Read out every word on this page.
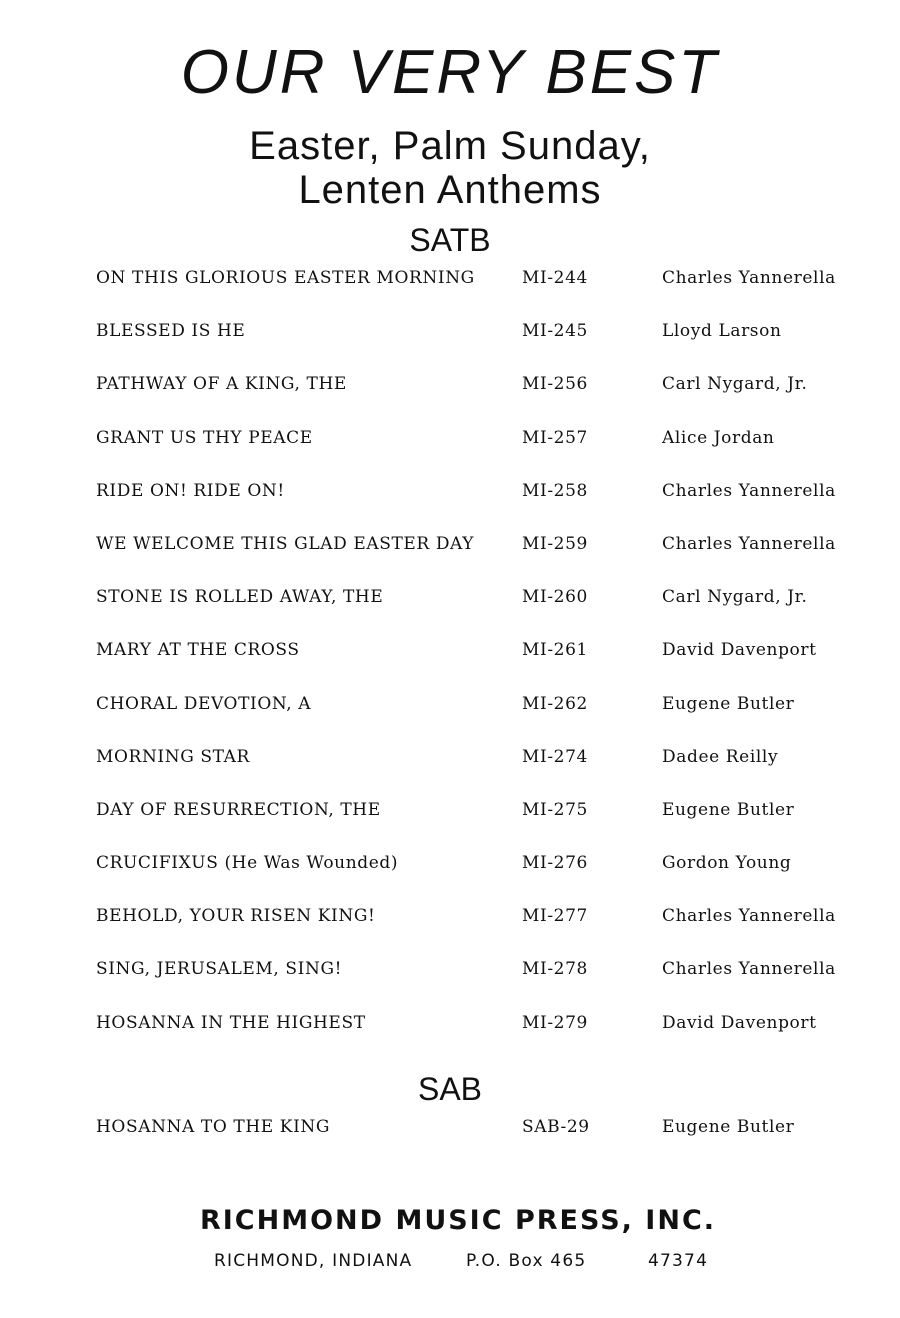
OUR VERY BEST
Easter, Palm Sunday,
Lenten Anthems
SATB
ON THIS GLORIOUS EASTER MORNING	MI-244	Charles Yannerella
BLESSED IS HE	MI-245	Lloyd Larson
PATHWAY OF A KING, THE	MI-256	Carl Nygard, Jr.
GRANT US THY PEACE	MI-257	Alice Jordan
RIDE ON! RIDE ON!	MI-258	Charles Yannerella
WE WELCOME THIS GLAD EASTER DAY	MI-259	Charles Yannerella
STONE IS ROLLED AWAY, THE	MI-260	Carl Nygard, Jr.
MARY AT THE CROSS	MI-261	David Davenport
CHORAL DEVOTION, A	MI-262	Eugene Butler
MORNING STAR	MI-274	Dadee Reilly
DAY OF RESURRECTION, THE	MI-275	Eugene Butler
CRUCIFIXUS (He Was Wounded)	MI-276	Gordon Young
BEHOLD, YOUR RISEN KING!	MI-277	Charles Yannerella
SING, JERUSALEM, SING!	MI-278	Charles Yannerella
HOSANNA IN THE HIGHEST	MI-279	David Davenport
SAB
HOSANNA TO THE KING	SAB-29	Eugene Butler
RICHMOND MUSIC PRESS, INC.
RICHMOND, INDIANA	P.O. Box 465	47374
